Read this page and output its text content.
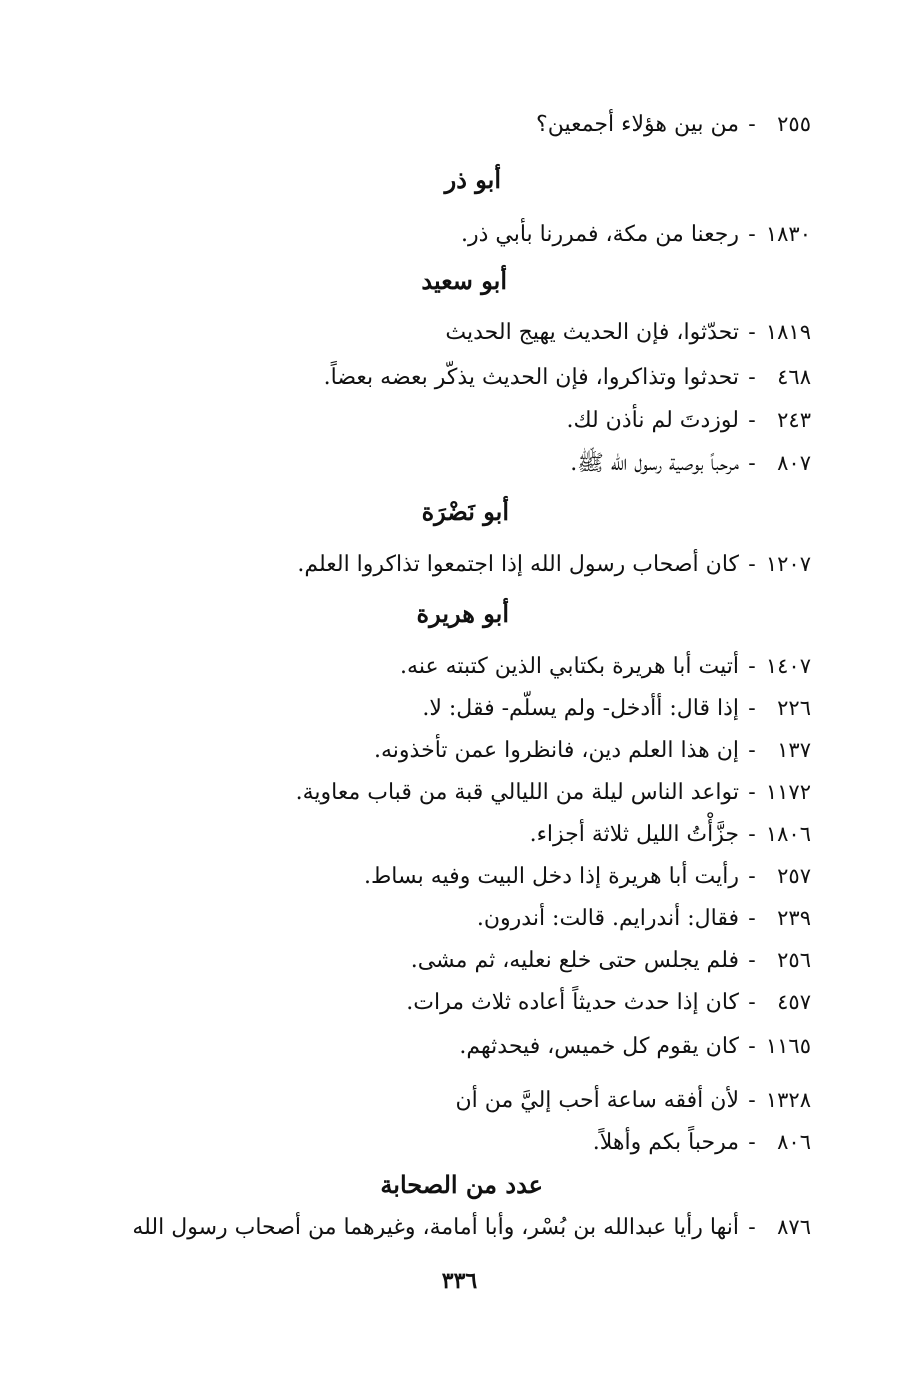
٢٥٥
-
من بين هؤلاء أجمعين؟
أبو ذر
١٨٣٠
-
رجعنا من مكة، فمررنا بأبي ذر.
أبو سعيد
١٨١٩
-
تحدّثوا، فإن الحديث يهيج الحديث
٤٦٨
-
تحدثوا وتذاكروا، فإن الحديث يذكّر بعضه بعضاً.
٢٤٣
-
لوزدتَ لم نأذن لك.
٨٠٧
-
مرحباً بوصية رسول الله ﷺ.
أبو نَضْرَة
١٢٠٧
-
كان أصحاب رسول الله إذا اجتمعوا تذاكروا العلم.
أبو هريرة
١٤٠٧
-
أتيت أبا هريرة بكتابي الذين كتبته عنه.
٢٢٦
-
إذا قال: أأدخل- ولم يسلّم- فقل: لا.
١٣٧
-
إن هذا العلم دين، فانظروا عمن تأخذونه.
١١٧٢
-
تواعد الناس ليلة من الليالي قبة من قباب معاوية.
١٨٠٦
-
جزَّأْتُ الليل ثلاثة أجزاء.
٢٥٧
-
رأيت أبا هريرة إذا دخل البيت وفيه بساط.
٢٣٩
-
فقال: أندرايم. قالت: أندرون.
٢٥٦
-
فلم يجلس حتى خلع نعليه، ثم مشى.
٤٥٧
-
كان إذا حدث حديثاً أعاده ثلاث مرات.
١١٦٥
-
كان يقوم كل خميس، فيحدثهم.
١٣٢٨
-
لأن أفقه ساعة أحب إليَّ من أن
٨٠٦
-
مرحباً بكم وأهلاً.
عدد من الصحابة
٨٧٦
-
أنها رأيا عبدالله بن بُسْر، وأبا أمامة، وغيرهما من أصحاب رسول الله
٣٣٦
